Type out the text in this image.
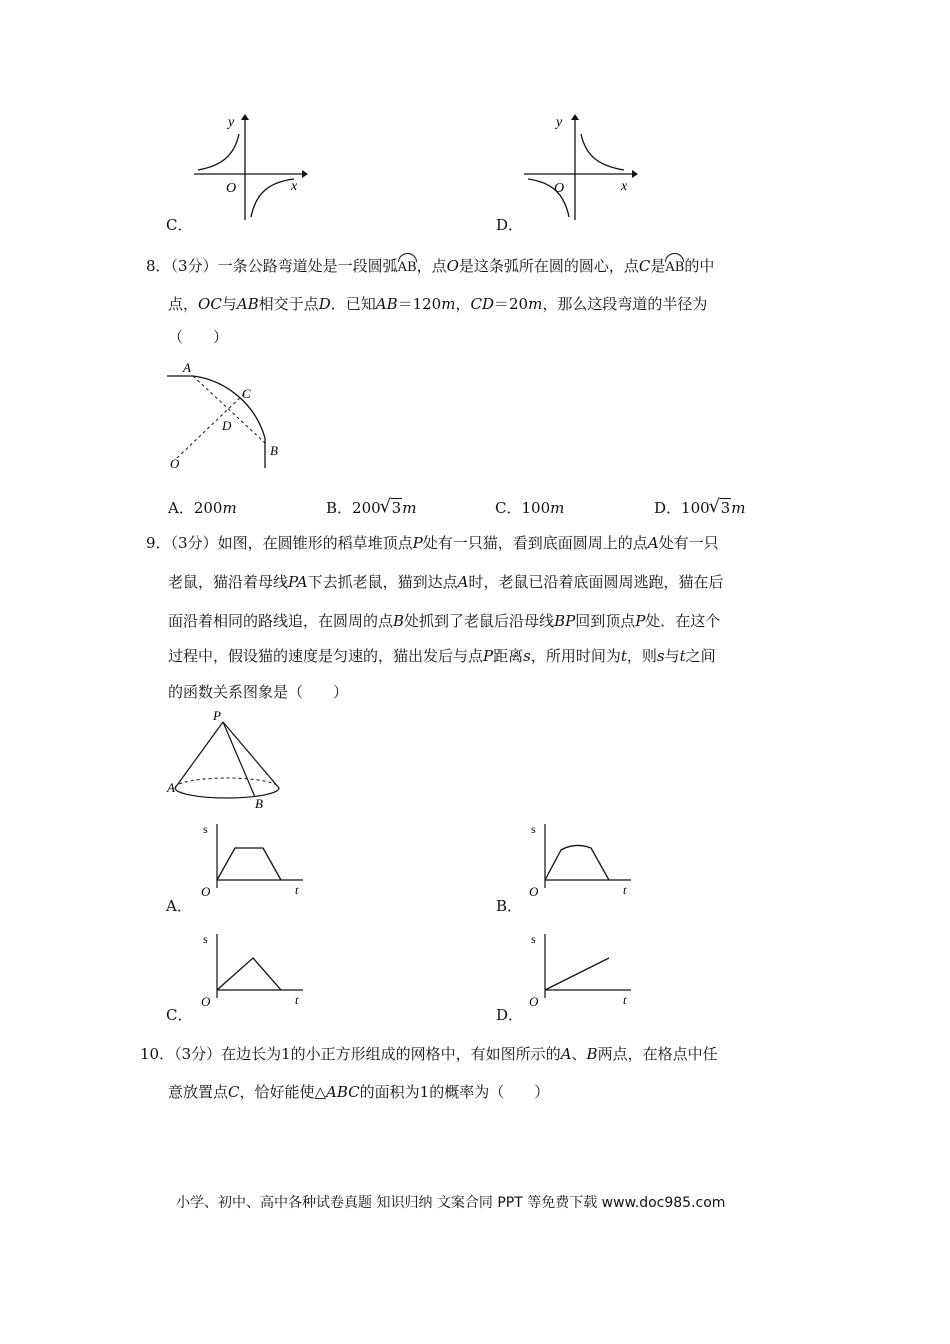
y
x
O
C．
y
x
O
D．
8．（3分）一条公路弯道处是一段圆弧AB，点O是这条弧所在圆的圆心，点C是AB的中
点，OC与AB相交于点D．已知AB＝120m，CD＝20m，那么这段弯道的半径为
（　　）
A
C
D
B
O
A．200m	B．200 √ 3m	C．100m	D．100 √ 3m
9．（3分）如图，在圆锥形的稻草堆顶点P处有一只猫，看到底面圆周上的点A处有一只
老鼠，猫沿着母线PA下去抓老鼠，猫到达点A时，老鼠已沿着底面圆周逃跑，猫在后
面沿着相同的路线追，在圆周的点B处抓到了老鼠后沿母线BP回到顶点P处．在这个
过程中，假设猫的速度是匀速的，猫出发后与点P距离s，所用时间为t，则s与t之间
的函数关系图象是（　　）
P
A
B
s
t
O
A．
s
t
O
B．
s
t
O
C．
s
t
O
D．
10．（3分）在边长为1的小正方形组成的网格中，有如图所示的A、B两点，在格点中任
意放置点C，恰好能使△ABC的面积为1的概率为（　　）
小学、初中、高中各种试卷真题 知识归纳 文案合同 PPT 等免费下载 www.doc985.com
